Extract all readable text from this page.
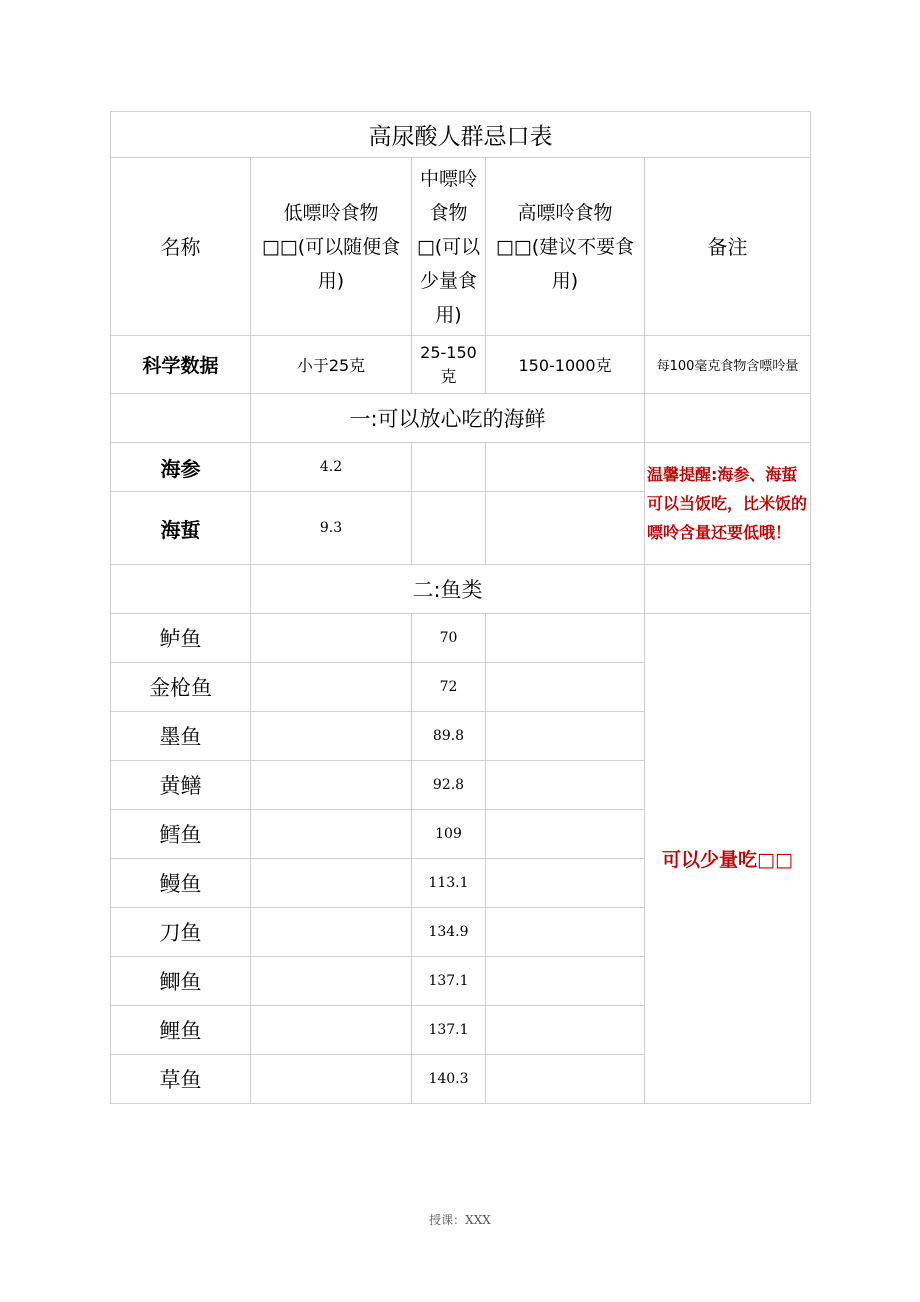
高尿酸人群忌口表				
名称	低嘌呤食物□□(可以随便食用)	中嘌呤食物□(可以少量食用)	高嘌呤食物□□(建议不要食用)	备注
科学数据	小于25克	25-150克	150-1000克	每100毫克食物含嘌呤量
	一:可以放心吃的海鲜			
海参	4.2			温馨提醒:海参、海蜇可以当饭吃，比米饭的嘌呤含量还要低哦！
海蜇	9.3			
	二:鱼类			
鲈鱼		70		可以少量吃□□
金枪鱼		72		
墨鱼		89.8		
黄鳝		92.8		
鳕鱼		109		
鳗鱼		113.1		
刀鱼		134.9		
鲫鱼		137.1		
鲤鱼		137.1		
草鱼		140.3		
授课：XXX
